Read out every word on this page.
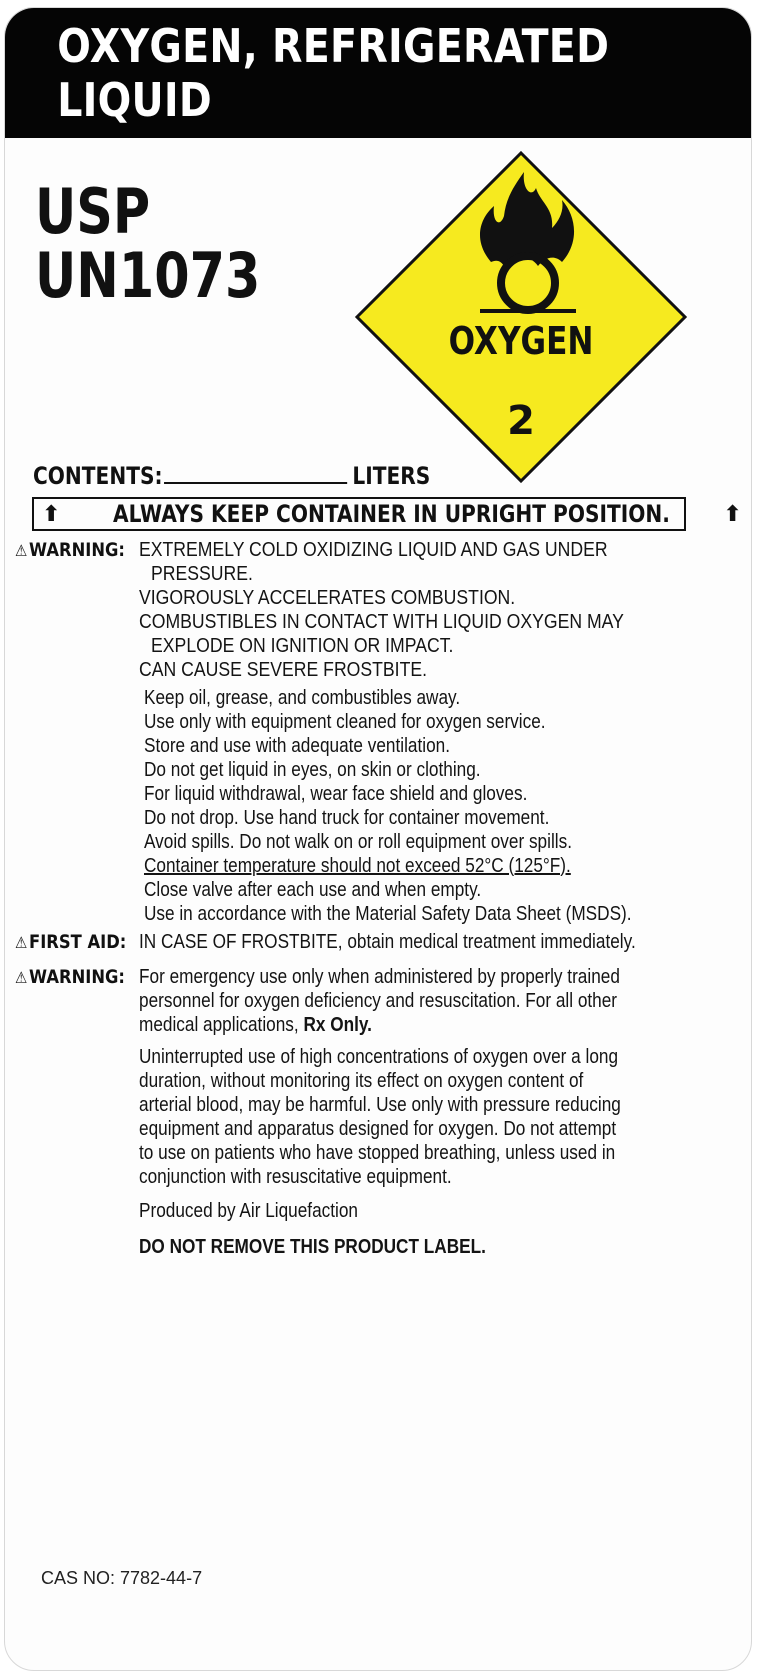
OXYGEN, REFRIGERATED LIQUID
USP
UN1073
OXYGEN
2
CONTENTS:	LITERS
⬆	ALWAYS KEEP CONTAINER IN UPRIGHT POSITION.	⬆
⚠WARNING: EXTREMELY COLD OXIDIZING LIQUID AND GAS UNDER
PRESSURE.
VIGOROUSLY ACCELERATES COMBUSTION.
COMBUSTIBLES IN CONTACT WITH LIQUID OXYGEN MAY
EXPLODE ON IGNITION OR IMPACT.
CAN CAUSE SEVERE FROSTBITE.
Keep oil, grease, and combustibles away.
Use only with equipment cleaned for oxygen service.
Store and use with adequate ventilation.
Do not get liquid in eyes, on skin or clothing.
For liquid withdrawal, wear face shield and gloves.
Do not drop. Use hand truck for container movement.
Avoid spills. Do not walk on or roll equipment over spills.
Container temperature should not exceed 52°C (125°F).
Close valve after each use and when empty.
Use in accordance with the Material Safety Data Sheet (MSDS).
⚠FIRST AID: IN CASE OF FROSTBITE, obtain medical treatment immediately.
⚠WARNING: For emergency use only when administered by properly trained
personnel for oxygen deficiency and resuscitation. For all other
medical applications, Rx Only.
Uninterrupted use of high concentrations of oxygen over a long
duration, without monitoring its effect on oxygen content of
arterial blood, may be harmful. Use only with pressure reducing
equipment and apparatus designed for oxygen. Do not attempt
to use on patients who have stopped breathing, unless used in
conjunction with resuscitative equipment.
Produced by Air Liquefaction
DO NOT REMOVE THIS PRODUCT LABEL.
CAS NO: 7782-44-7
